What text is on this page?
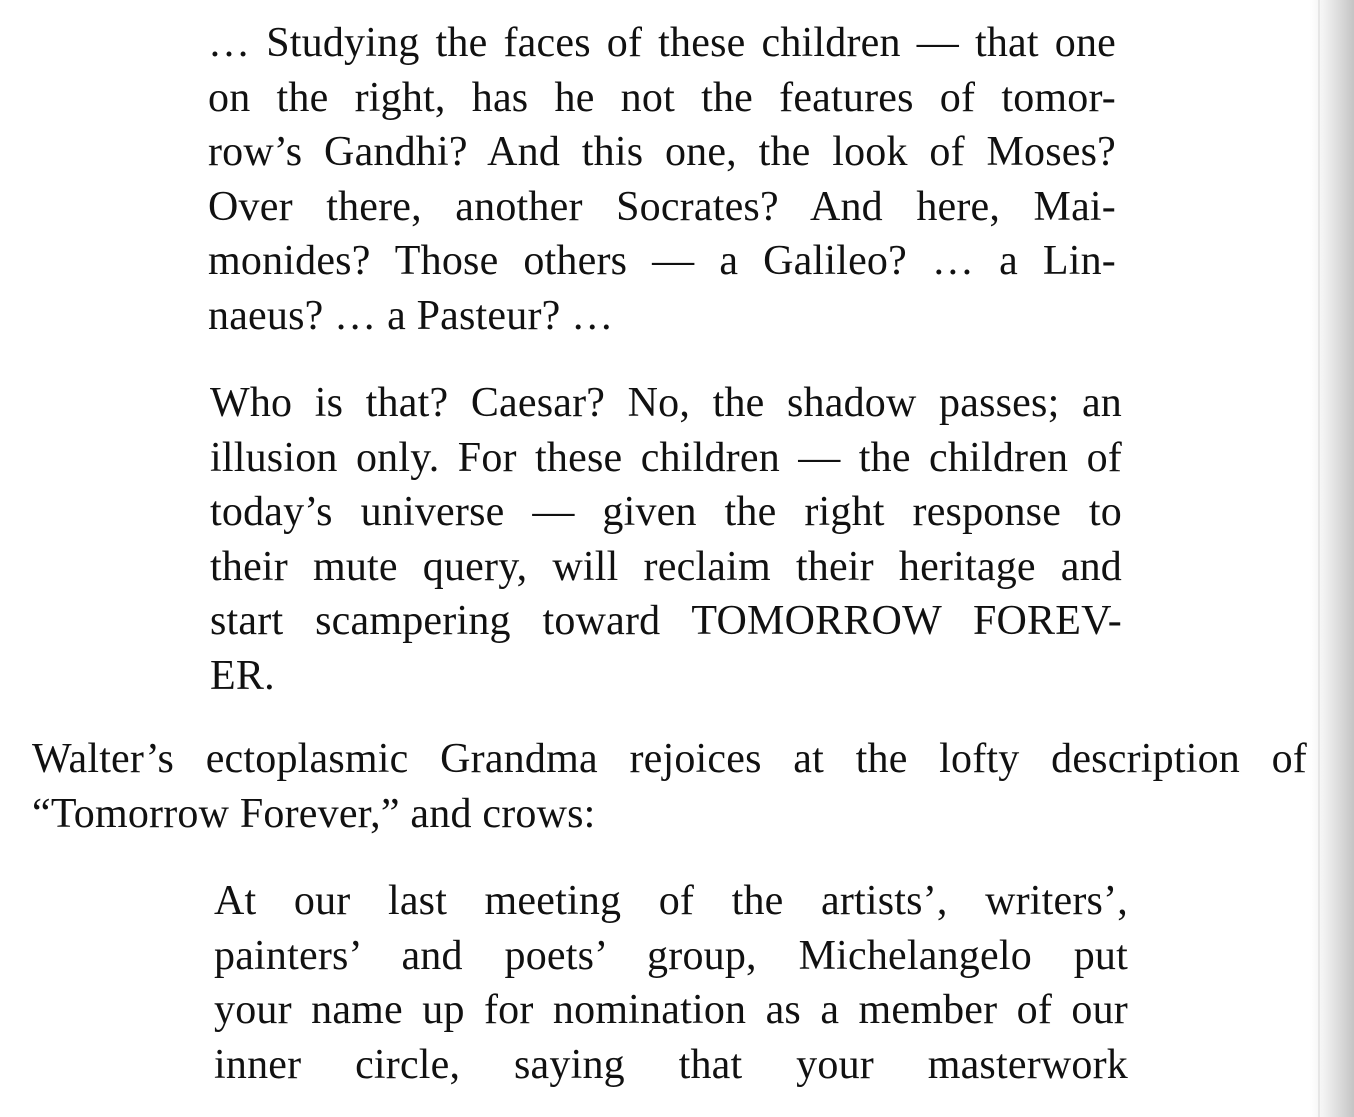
… Studying the faces of these children — that one
on the right, has he not the features of tomor-
row’s Gandhi? And this one, the look of Moses?
Over there, another Socrates? And here, Mai-
monides? Those others — a Galileo? … a Lin-
naeus? … a Pasteur? …
Who is that? Caesar? No, the shadow passes; an
illusion only. For these children — the children of
today’s universe — given the right response to
their mute query, will reclaim their heritage and
start scampering toward TOMORROW FOREV-
ER.
Walter’s ectoplasmic Grandma rejoices at the lofty description of
“Tomorrow Forever,” and crows:
At our last meeting of the artists’, writers’,
painters’ and poets’ group, Michelangelo put
your name up for nomination as a member of our
inner circle, saying that your masterwork
